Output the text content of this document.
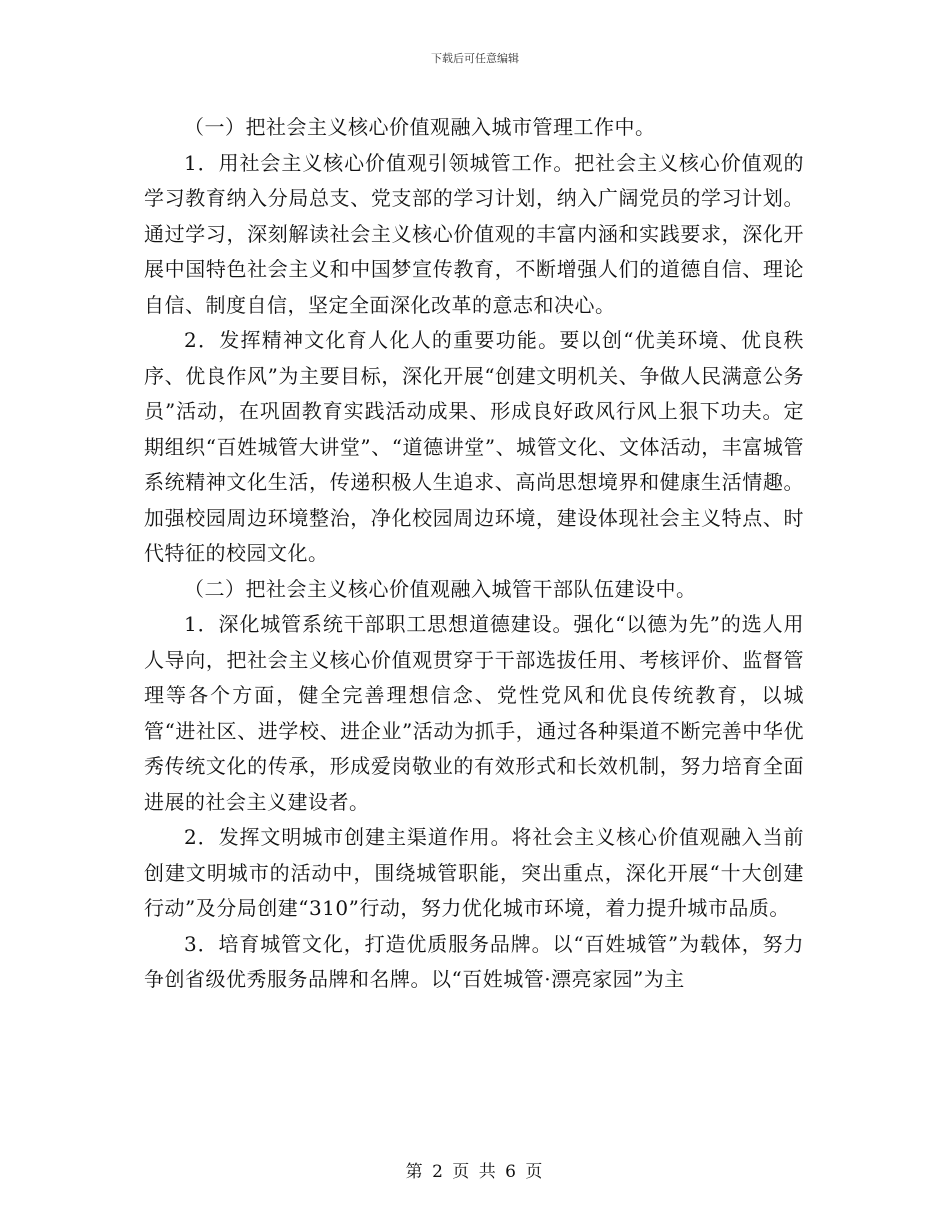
下载后可任意编辑

（一）把社会主义核心价值观融入城市管理工作中。

1．用社会主义核心价值观引领城管工作。把社会主义核心价值观的学习教育纳入分局总支、党支部的学习计划，纳入广阔党员的学习计划。通过学习，深刻解读社会主义核心价值观的丰富内涵和实践要求，深化开展中国特色社会主义和中国梦宣传教育，不断增强人们的道德自信、理论自信、制度自信，坚定全面深化改革的意志和决心。

2．发挥精神文化育人化人的重要功能。要以创“优美环境、优良秩序、优良作风”为主要目标，深化开展“创建文明机关、争做人民满意公务员”活动，在巩固教育实践活动成果、形成良好政风行风上狠下功夫。定期组织“百姓城管大讲堂”、“道德讲堂”、城管文化、文体活动，丰富城管系统精神文化生活，传递积极人生追求、高尚思想境界和健康生活情趣。加强校园周边环境整治，净化校园周边环境，建设体现社会主义特点、时代特征的校园文化。

（二）把社会主义核心价值观融入城管干部队伍建设中。

1．深化城管系统干部职工思想道德建设。强化“以德为先”的选人用人导向，把社会主义核心价值观贯穿于干部选拔任用、考核评价、监督管理等各个方面，健全完善理想信念、党性党风和优良传统教育，以城管“进社区、进学校、进企业”活动为抓手，通过各种渠道不断完善中华优秀传统文化的传承，形成爱岗敬业的有效形式和长效机制，努力培育全面进展的社会主义建设者。

2．发挥文明城市创建主渠道作用。将社会主义核心价值观融入当前创建文明城市的活动中，围绕城管职能，突出重点，深化开展“十大创建行动”及分局创建“310”行动，努力优化城市环境，着力提升城市品质。

3．培育城管文化，打造优质服务品牌。以“百姓城管”为载体，努力争创省级优秀服务品牌和名牌。以“百姓城管·漂亮家园”为主

第 2 页 共 6 页
